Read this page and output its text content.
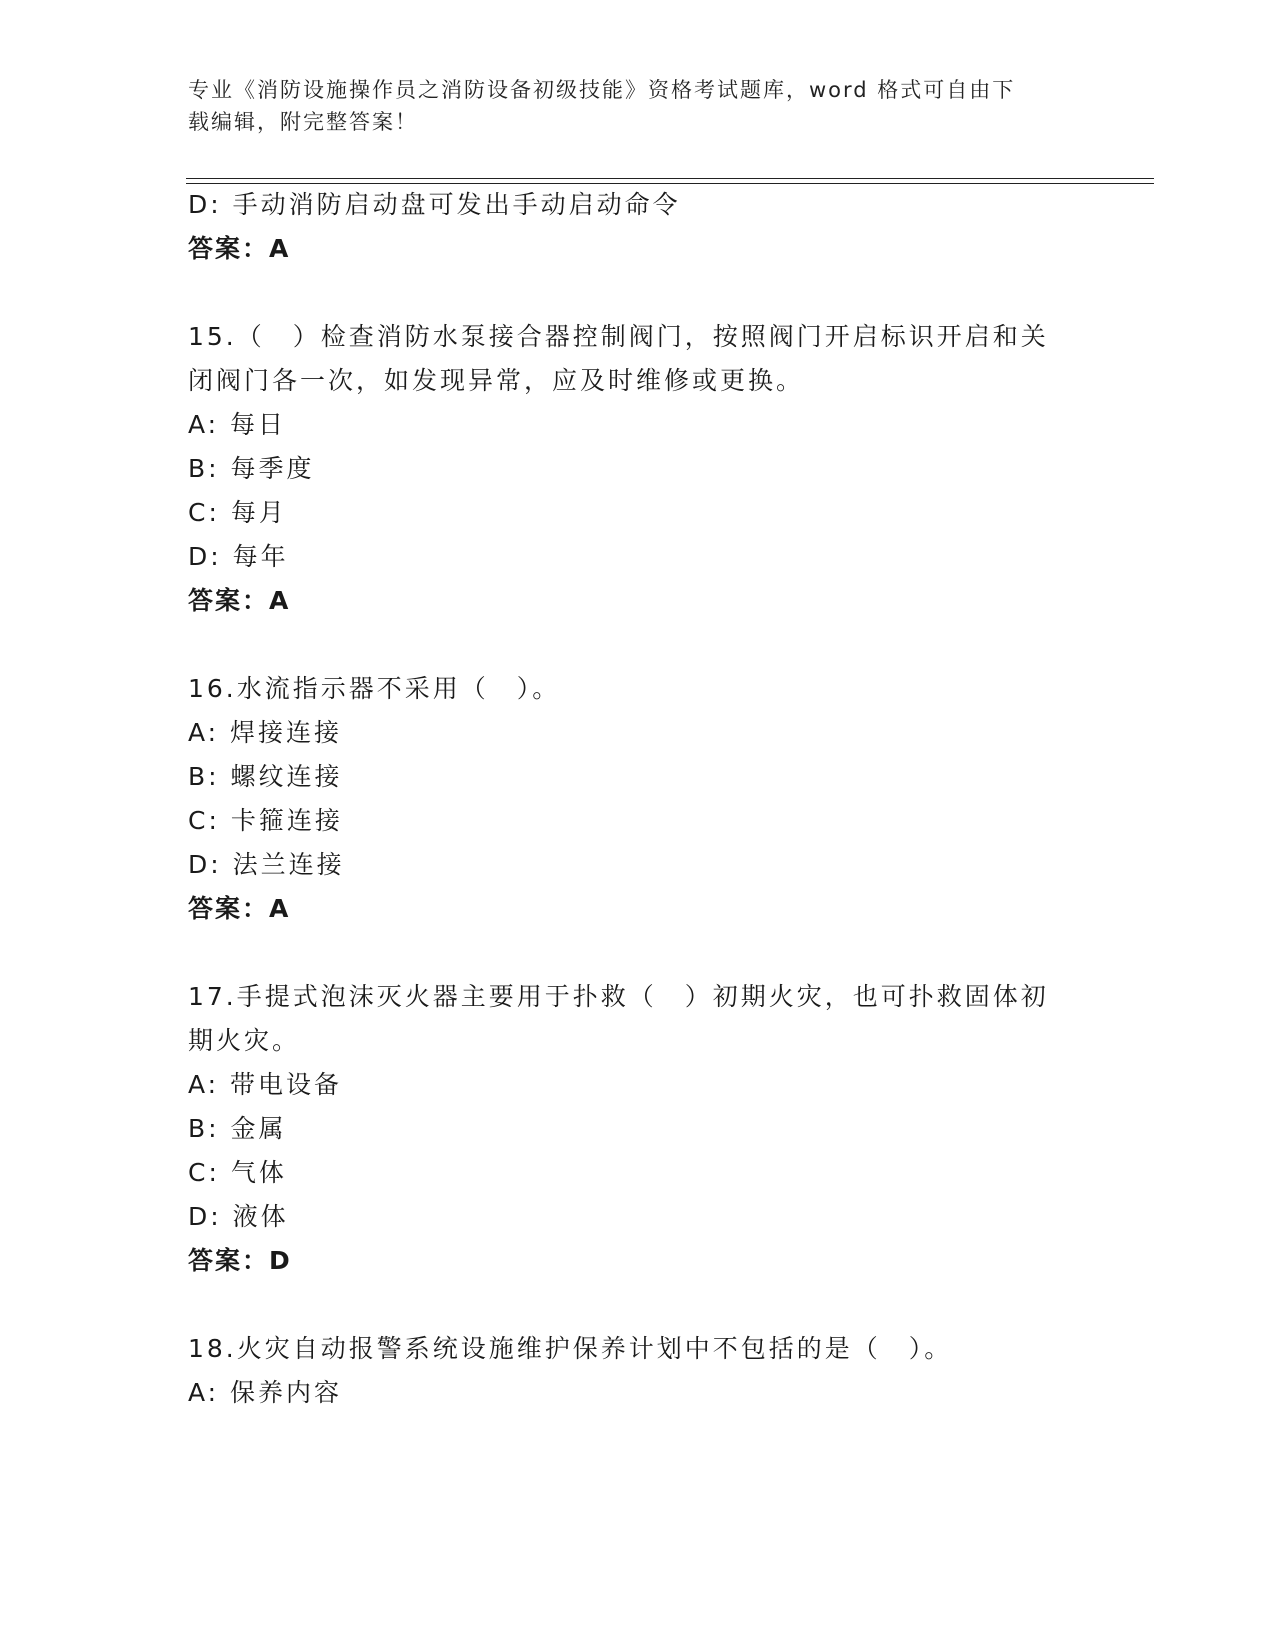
专业《消防设施操作员之消防设备初级技能》资格考试题库，word 格式可自由下
载编辑，附完整答案！
D: 手动消防启动盘可发出手动启动命令
答案：A
15.（　）检查消防水泵接合器控制阀门，按照阀门开启标识开启和关
闭阀门各一次，如发现异常，应及时维修或更换。
A: 每日
B: 每季度
C: 每月
D: 每年
答案：A
16.水流指示器不采用（　）。
A: 焊接连接
B: 螺纹连接
C: 卡箍连接
D: 法兰连接
答案：A
17.手提式泡沫灭火器主要用于扑救（　）初期火灾，也可扑救固体初
期火灾。
A: 带电设备
B: 金属
C: 气体
D: 液体
答案：D
18.火灾自动报警系统设施维护保养计划中不包括的是（　）。
A: 保养内容
